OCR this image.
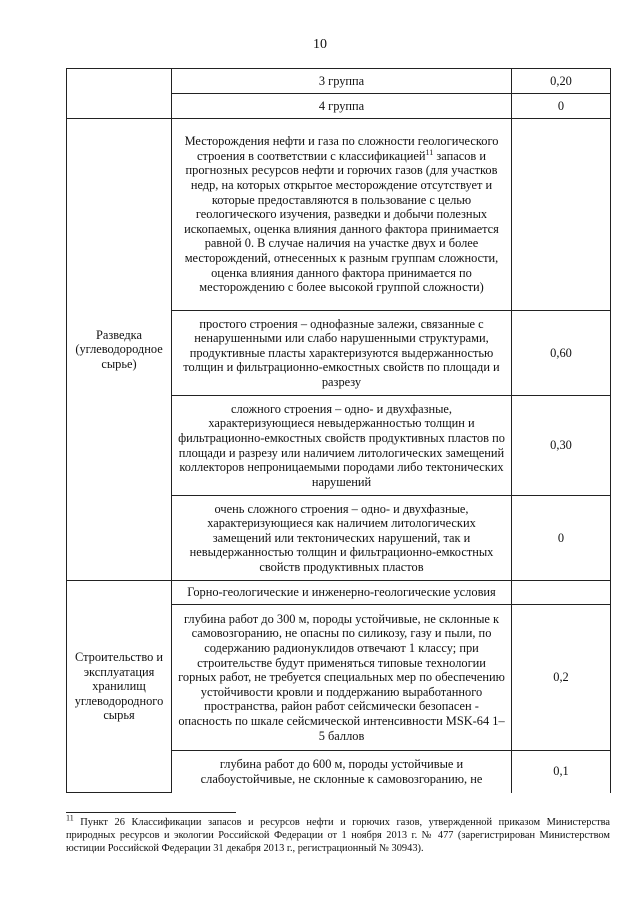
10
	3 группа	0,20
	4 группа	0
Разведка (углеводородное сырье)	Месторождения нефти и газа по сложности геологического строения в соответствии с классификацией$^{11}$ запасов и прогнозных ресурсов нефти и горючих газов (для участков недр, на которых открытое месторождение отсутствует и которые предоставляются в пользование с целью геологического изучения, разведки и добычи полезных ископаемых, оценка влияния данного фактора принимается равной 0. В случае наличия на участке двух и более месторождений, отнесенных к разным группам сложности, оценка влияния данного фактора принимается по месторождению с более высокой группой сложности)	
	простого строения – однофазные залежи, связанные с ненарушенными или слабо нарушенными структурами, продуктивные пласты характеризуются выдержанностью толщин и фильтрационно-емкостных свойств по площади и разрезу	0,60
	сложного строения – одно- и двухфазные, характеризующиеся невыдержанностью толщин и фильтрационно-емкостных свойств продуктивных пластов по площади и разрезу или наличием литологических замещений коллекторов непроницаемыми породами либо тектонических нарушений	0,30
	очень сложного строения – одно- и двухфазные, характеризующиеся как наличием литологических замещений или тектонических нарушений, так и невыдержанностью толщин и фильтрационно-емкостных свойств продуктивных пластов	0
Строительство и эксплуатация хранилищ углеводородного сырья	Горно-геологические и инженерно-геологические условия	
	глубина работ до 300 м, породы устойчивые, не склонные к самовозгоранию, не опасны по силикозу, газу и пыли, по содержанию радионуклидов отвечают 1 классу; при строительстве будут применяться типовые технологии горных работ, не требуется специальных мер по обеспечению устойчивости кровли и поддержанию выработанного пространства, район работ сейсмически безопасен - опасность по шкале сейсмической интенсивности MSK-64 1–5 баллов	0,2
	глубина работ до 600 м, породы устойчивые и слабоустойчивые, не склонные к самовозгоранию, не	0,1
$^{11}$ Пункт 26 Классификации запасов и ресурсов нефти и горючих газов, утвержденной приказом Министерства природных ресурсов и экологии Российской Федерации от 1 ноября 2013 г. № 477 (зарегистрирован Министерством юстиции Российской Федерации 31 декабря 2013 г., регистрационный № 30943).
